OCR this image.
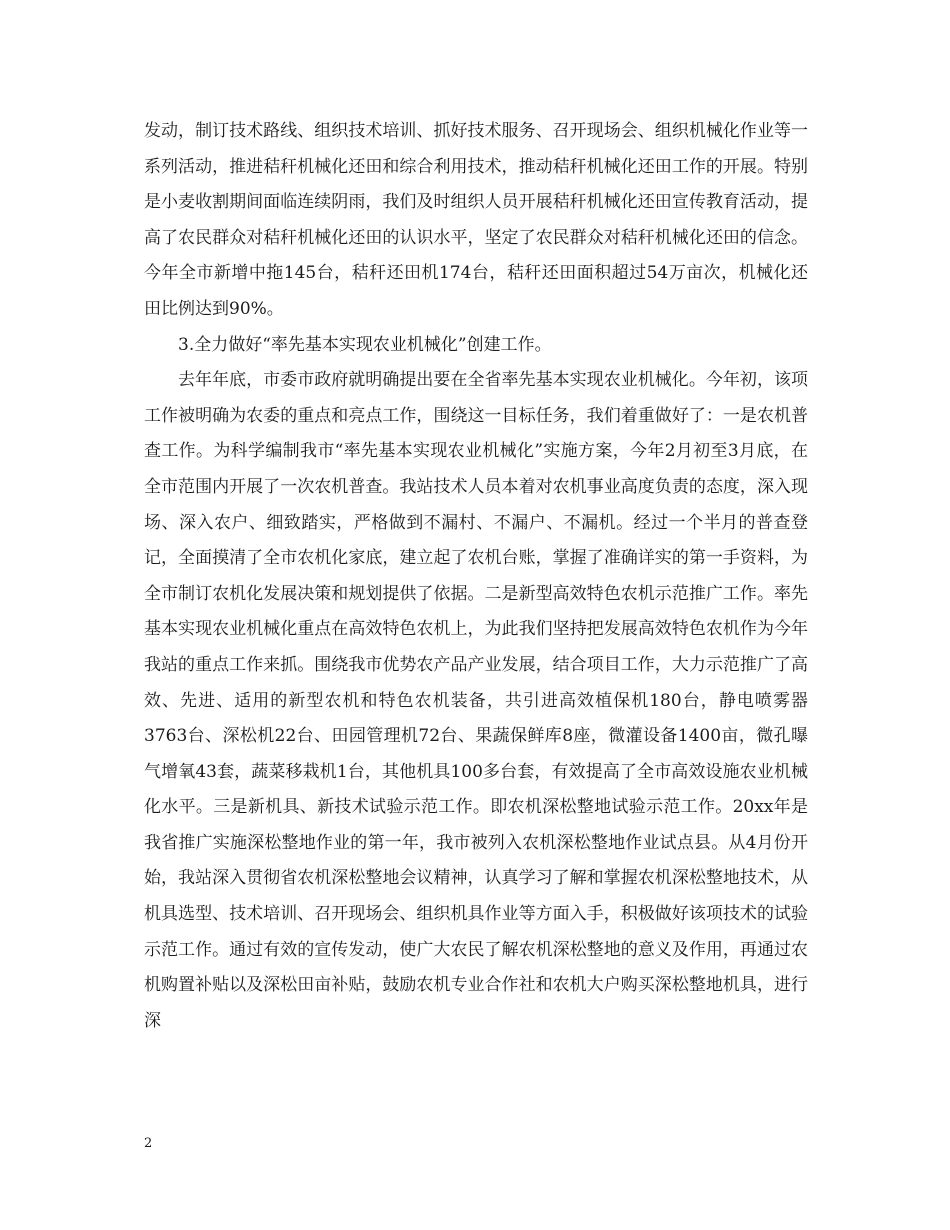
发动，制订技术路线、组织技术培训、抓好技术服务、召开现场会、组织机械化作业等一系列活动，推进秸秆机械化还田和综合利用技术，推动秸秆机械化还田工作的开展。特别是小麦收割期间面临连续阴雨，我们及时组织人员开展秸秆机械化还田宣传教育活动，提高了农民群众对秸秆机械化还田的认识水平，坚定了农民群众对秸秆机械化还田的信念。今年全市新增中拖145台，秸秆还田机174台，秸秆还田面积超过54万亩次，机械化还田比例达到90%。

3.全力做好“率先基本实现农业机械化”创建工作。

去年年底，市委市政府就明确提出要在全省率先基本实现农业机械化。今年初，该项工作被明确为农委的重点和亮点工作，围绕这一目标任务，我们着重做好了：一是农机普查工作。为科学编制我市“率先基本实现农业机械化”实施方案，今年2月初至3月底，在全市范围内开展了一次农机普查。我站技术人员本着对农机事业高度负责的态度，深入现场、深入农户、细致踏实，严格做到不漏村、不漏户、不漏机。经过一个半月的普查登记，全面摸清了全市农机化家底，建立起了农机台账，掌握了准确详实的第一手资料，为全市制订农机化发展决策和规划提供了依据。二是新型高效特色农机示范推广工作。率先基本实现农业机械化重点在高效特色农机上，为此我们坚持把发展高效特色农机作为今年我站的重点工作来抓。围绕我市优势农产品产业发展，结合项目工作，大力示范推广了高效、先进、适用的新型农机和特色农机装备，共引进高效植保机180台，静电喷雾器3763台、深松机22台、田园管理机72台、果蔬保鲜库8座，微灌设备1400亩，微孔曝气增氧43套，蔬菜移栽机1台，其他机具100多台套，有效提高了全市高效设施农业机械化水平。三是新机具、新技术试验示范工作。即农机深松整地试验示范工作。20xx年是我省推广实施深松整地作业的第一年，我市被列入农机深松整地作业试点县。从4月份开始，我站深入贯彻省农机深松整地会议精神，认真学习了解和掌握农机深松整地技术，从机具选型、技术培训、召开现场会、组织机具作业等方面入手，积极做好该项技术的试验示范工作。通过有效的宣传发动，使广大农民了解农机深松整地的意义及作用，再通过农机购置补贴以及深松田亩补贴，鼓励农机专业合作社和农机大户购买深松整地机具，进行深

2
